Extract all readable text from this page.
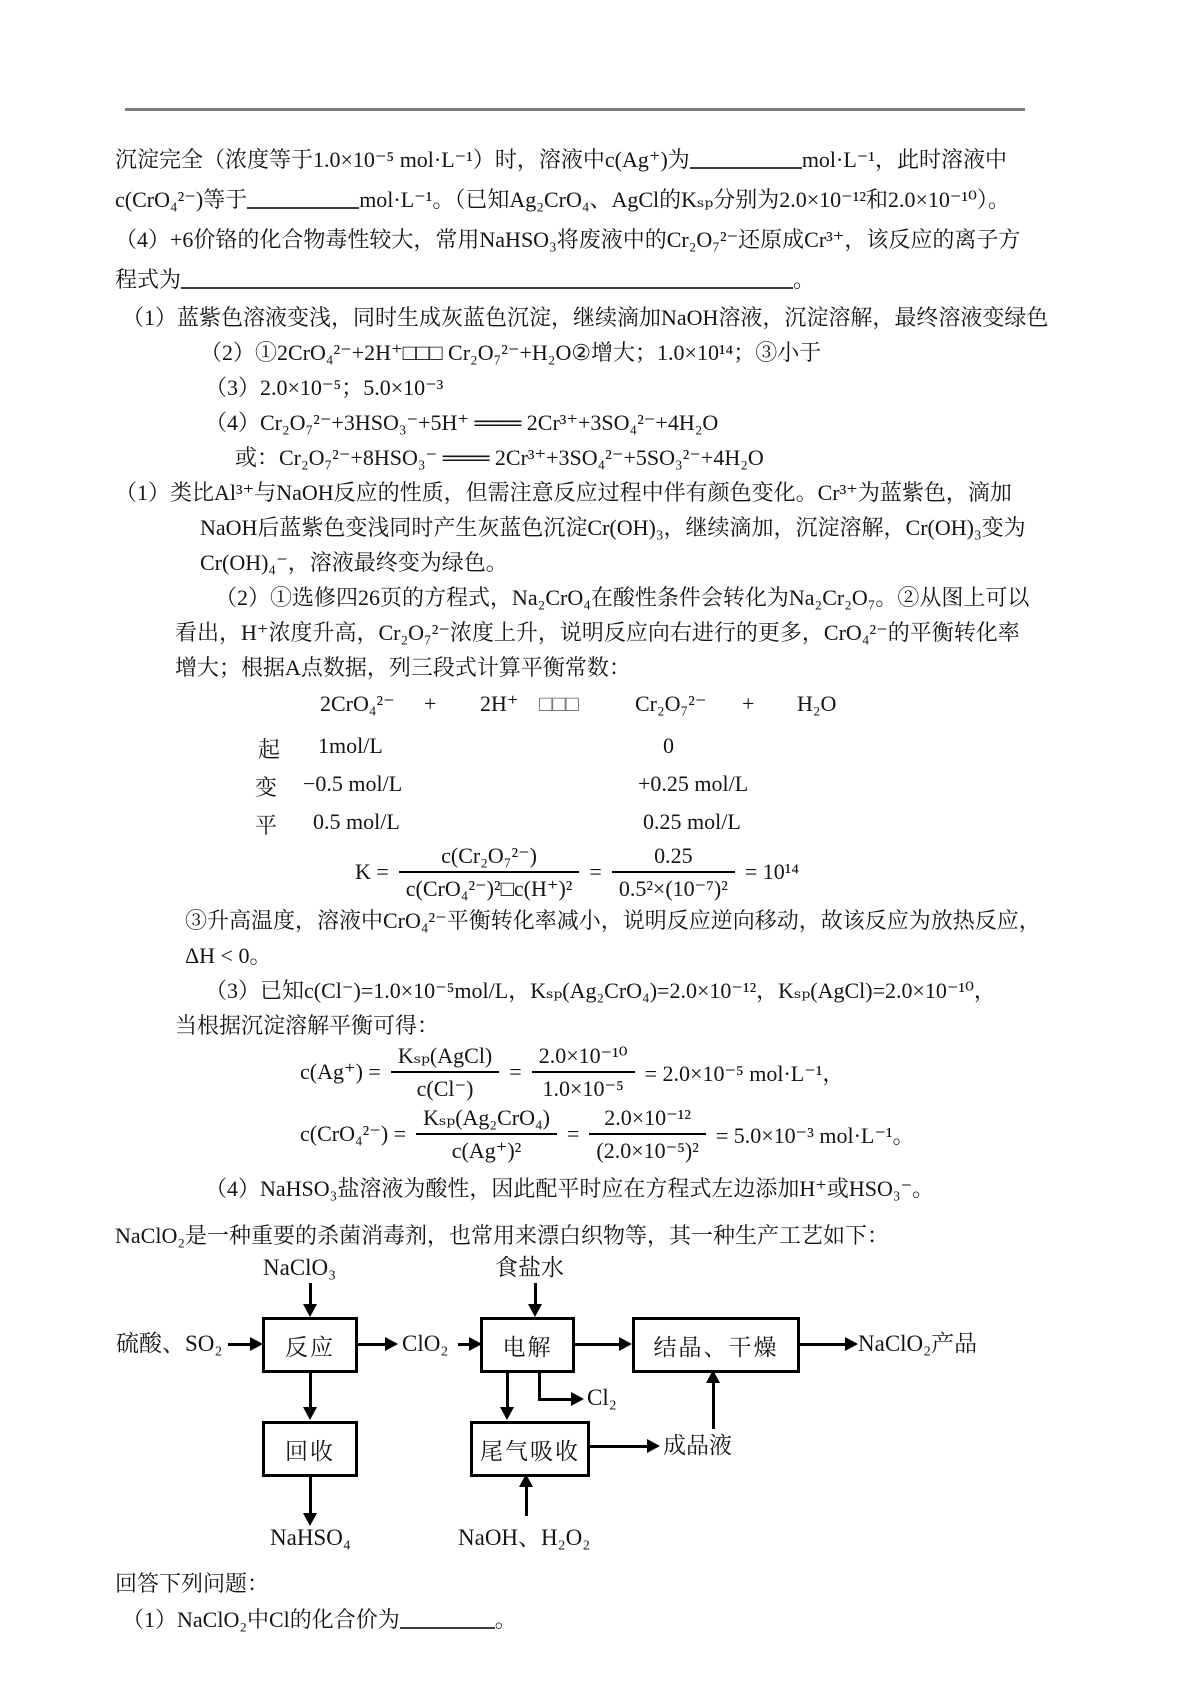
沉淀完全（浓度等于1.0×10⁻⁵ mol·L⁻¹）时，溶液中c(Ag⁺)为	mol·L⁻¹，此时溶液中
c(CrO₄²⁻)等于	mol·L⁻¹。（已知Ag₂CrO₄、AgCl的Kₛₚ分别为2.0×10⁻¹²和2.0×10⁻¹⁰）。
（4）+6价铬的化合物毒性较大，常用NaHSO₃将废液中的Cr₂O₇²⁻还原成Cr³⁺，该反应的离子方
程式为	。
（1）蓝紫色溶液变浅，同时生成灰蓝色沉淀，继续滴加NaOH溶液，沉淀溶解，最终溶液变绿色
（2）①2CrO₄²⁻+2H⁺□□□ Cr₂O₇²⁻+H₂O②增大；1.0×10¹⁴；③小于
（3）2.0×10⁻⁵；5.0×10⁻³
（4）Cr₂O₇²⁻+3HSO₃⁻+5H⁺ ═══ 2Cr³⁺+3SO₄²⁻+4H₂O
或：Cr₂O₇²⁻+8HSO₃⁻ ═══ 2Cr³⁺+3SO₄²⁻+5SO₃²⁻+4H₂O
（1）类比Al³⁺与NaOH反应的性质，但需注意反应过程中伴有颜色变化。Cr³⁺为蓝紫色，滴加
NaOH后蓝紫色变浅同时产生灰蓝色沉淀Cr(OH)₃，继续滴加，沉淀溶解，Cr(OH)₃变为
Cr(OH)₄⁻，溶液最终变为绿色。
（2）①选修四26页的方程式，Na₂CrO₄在酸性条件会转化为Na₂Cr₂O₇。②从图上可以
看出，H⁺浓度升高，Cr₂O₇²⁻浓度上升，说明反应向右进行的更多，CrO₄²⁻的平衡转化率
增大；根据A点数据，列三段式计算平衡常数：
2CrO₄²⁻ + 2H⁺ □□□	Cr₂O₇²⁻ + H₂O
起 1mol/L	0
变 −0.5 mol/L	+0.25 mol/L
平 0.5 mol/L	0.25 mol/L
$K = \frac{\text{c(Cr₂O₇²⁻)}}{\text{c(CrO₄²⁻)²□c(H⁺)²}} = \frac{0.25}{\text{0.5²×(10⁻⁷)²}} = 10^{14}$
③升高温度，溶液中CrO₄²⁻平衡转化率减小，说明反应逆向移动，故该反应为放热反应，
ΔH < 0。
（3）已知c(Cl⁻)=1.0×10⁻⁵mol/L，Kₛₚ(Ag₂CrO₄)=2.0×10⁻¹²，Kₛₚ(AgCl)=2.0×10⁻¹⁰，
当根据沉淀溶解平衡可得：
$c(Ag^+) = \frac{\text{Kₛₚ(AgCl)}}{c(Cl^-)} = \frac{\text{2.0×10⁻¹⁰}}{\text{1.0×10⁻⁵}} = 2.0\times 10^{-5}$ mol·L⁻¹，
$c(CrO_4^{2-}) = \frac{\text{Kₛₚ(Ag₂CrO₄)}}{\text{c(Ag⁺)²}} = \frac{\text{2.0×10⁻¹²}}{\text{(2.0×10⁻⁵)²}} = 5.0\times 10^{-3}$ mol·L⁻¹。
（4）NaHSO₃盐溶液为酸性，因此配平时应在方程式左边添加H⁺或HSO₃⁻。
NaClO₂是一种重要的杀菌消毒剂，也常用来漂白织物等，其一种生产工艺如下：
NaClO₃	食盐水
反应	电解	结晶、干燥
硫酸、SO₂	ClO₂	NaClO₂产品
Cl₂
回收	尾气吸收
NaHSO₄
成品液
NaOH、H₂O₂
回答下列问题：
（1）NaClO₂中Cl的化合价为	。
